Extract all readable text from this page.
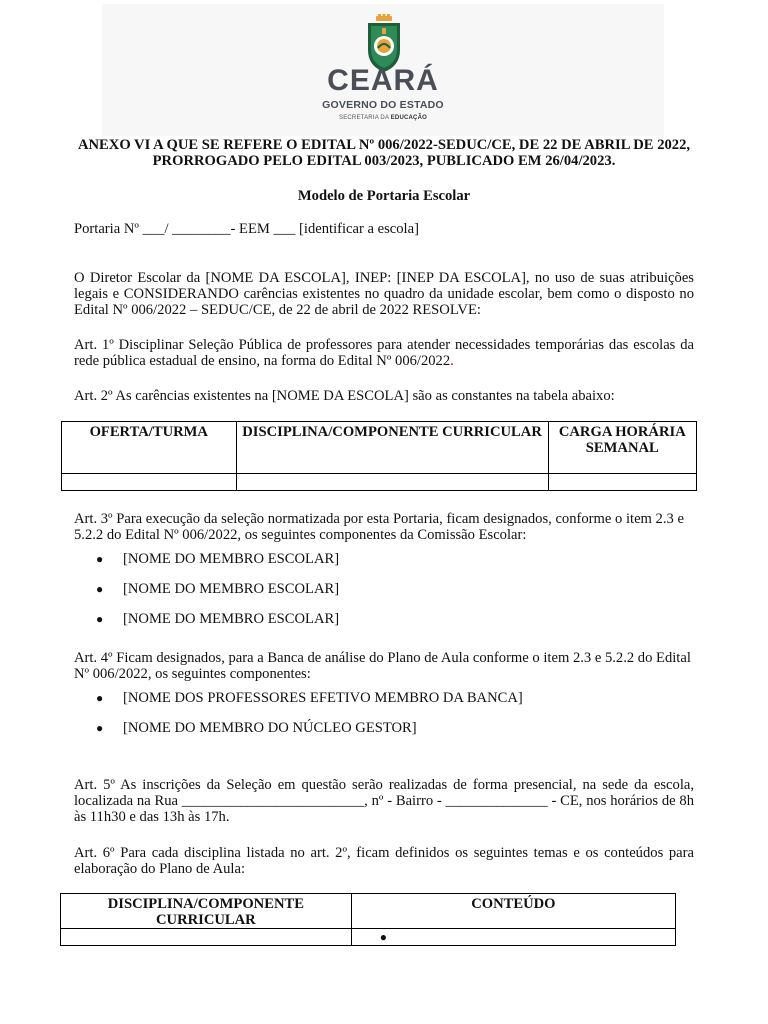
CEARÁ
GOVERNO DO ESTADO
SECRETARIA DA EDUCAÇÃO
ANEXO VI A QUE SE REFERE O EDITAL Nº 006/2022-SEDUC/CE, DE 22 DE ABRIL DE 2022, PRORROGADO PELO EDITAL 003/2023, PUBLICADO EM 26/04/2023.
Modelo de Portaria Escolar
Portaria Nº ___/ ________- EEM ___ [identificar a escola]
O Diretor Escolar da [NOME DA ESCOLA], INEP: [INEP DA ESCOLA], no uso de suas atribuições legais e CONSIDERANDO carências existentes no quadro da unidade escolar, bem como o disposto no Edital Nº 006/2022 – SEDUC/CE, de 22 de abril de 2022 RESOLVE:
Art. 1º Disciplinar Seleção Pública de professores para atender necessidades temporárias das escolas da rede pública estadual de ensino, na forma do Edital Nº 006/2022.
Art. 2º As carências existentes na [NOME DA ESCOLA] são as constantes na tabela abaixo:
OFERTA/TURMA	DISCIPLINA/COMPONENTE CURRICULAR	CARGA HORÁRIA SEMANAL

Art. 3º Para execução da seleção normatizada por esta Portaria, ficam designados, conforme o item 2.3 e 5.2.2 do Edital Nº 006/2022, os seguintes componentes da Comissão Escolar:
● [NOME DO MEMBRO ESCOLAR]
● [NOME DO MEMBRO ESCOLAR]
● [NOME DO MEMBRO ESCOLAR]
Art. 4º Ficam designados, para a Banca de análise do Plano de Aula conforme o item 2.3 e 5.2.2 do Edital Nº 006/2022, os seguintes componentes:
● [NOME DOS PROFESSORES EFETIVO MEMBRO DA BANCA]
● [NOME DO MEMBRO DO NÚCLEO GESTOR]
Art. 5º As inscrições da Seleção em questão serão realizadas de forma presencial, na sede da escola, localizada na Rua _________________________, nº - Bairro - ______________ - CE, nos horários de 8h às 11h30 e das 13h às 17h.
Art. 6º Para cada disciplina listada no art. 2º, ficam definidos os seguintes temas e os conteúdos para elaboração do Plano de Aula:
DISCIPLINA/COMPONENTE CURRICULAR	CONTEÚDO
	●
